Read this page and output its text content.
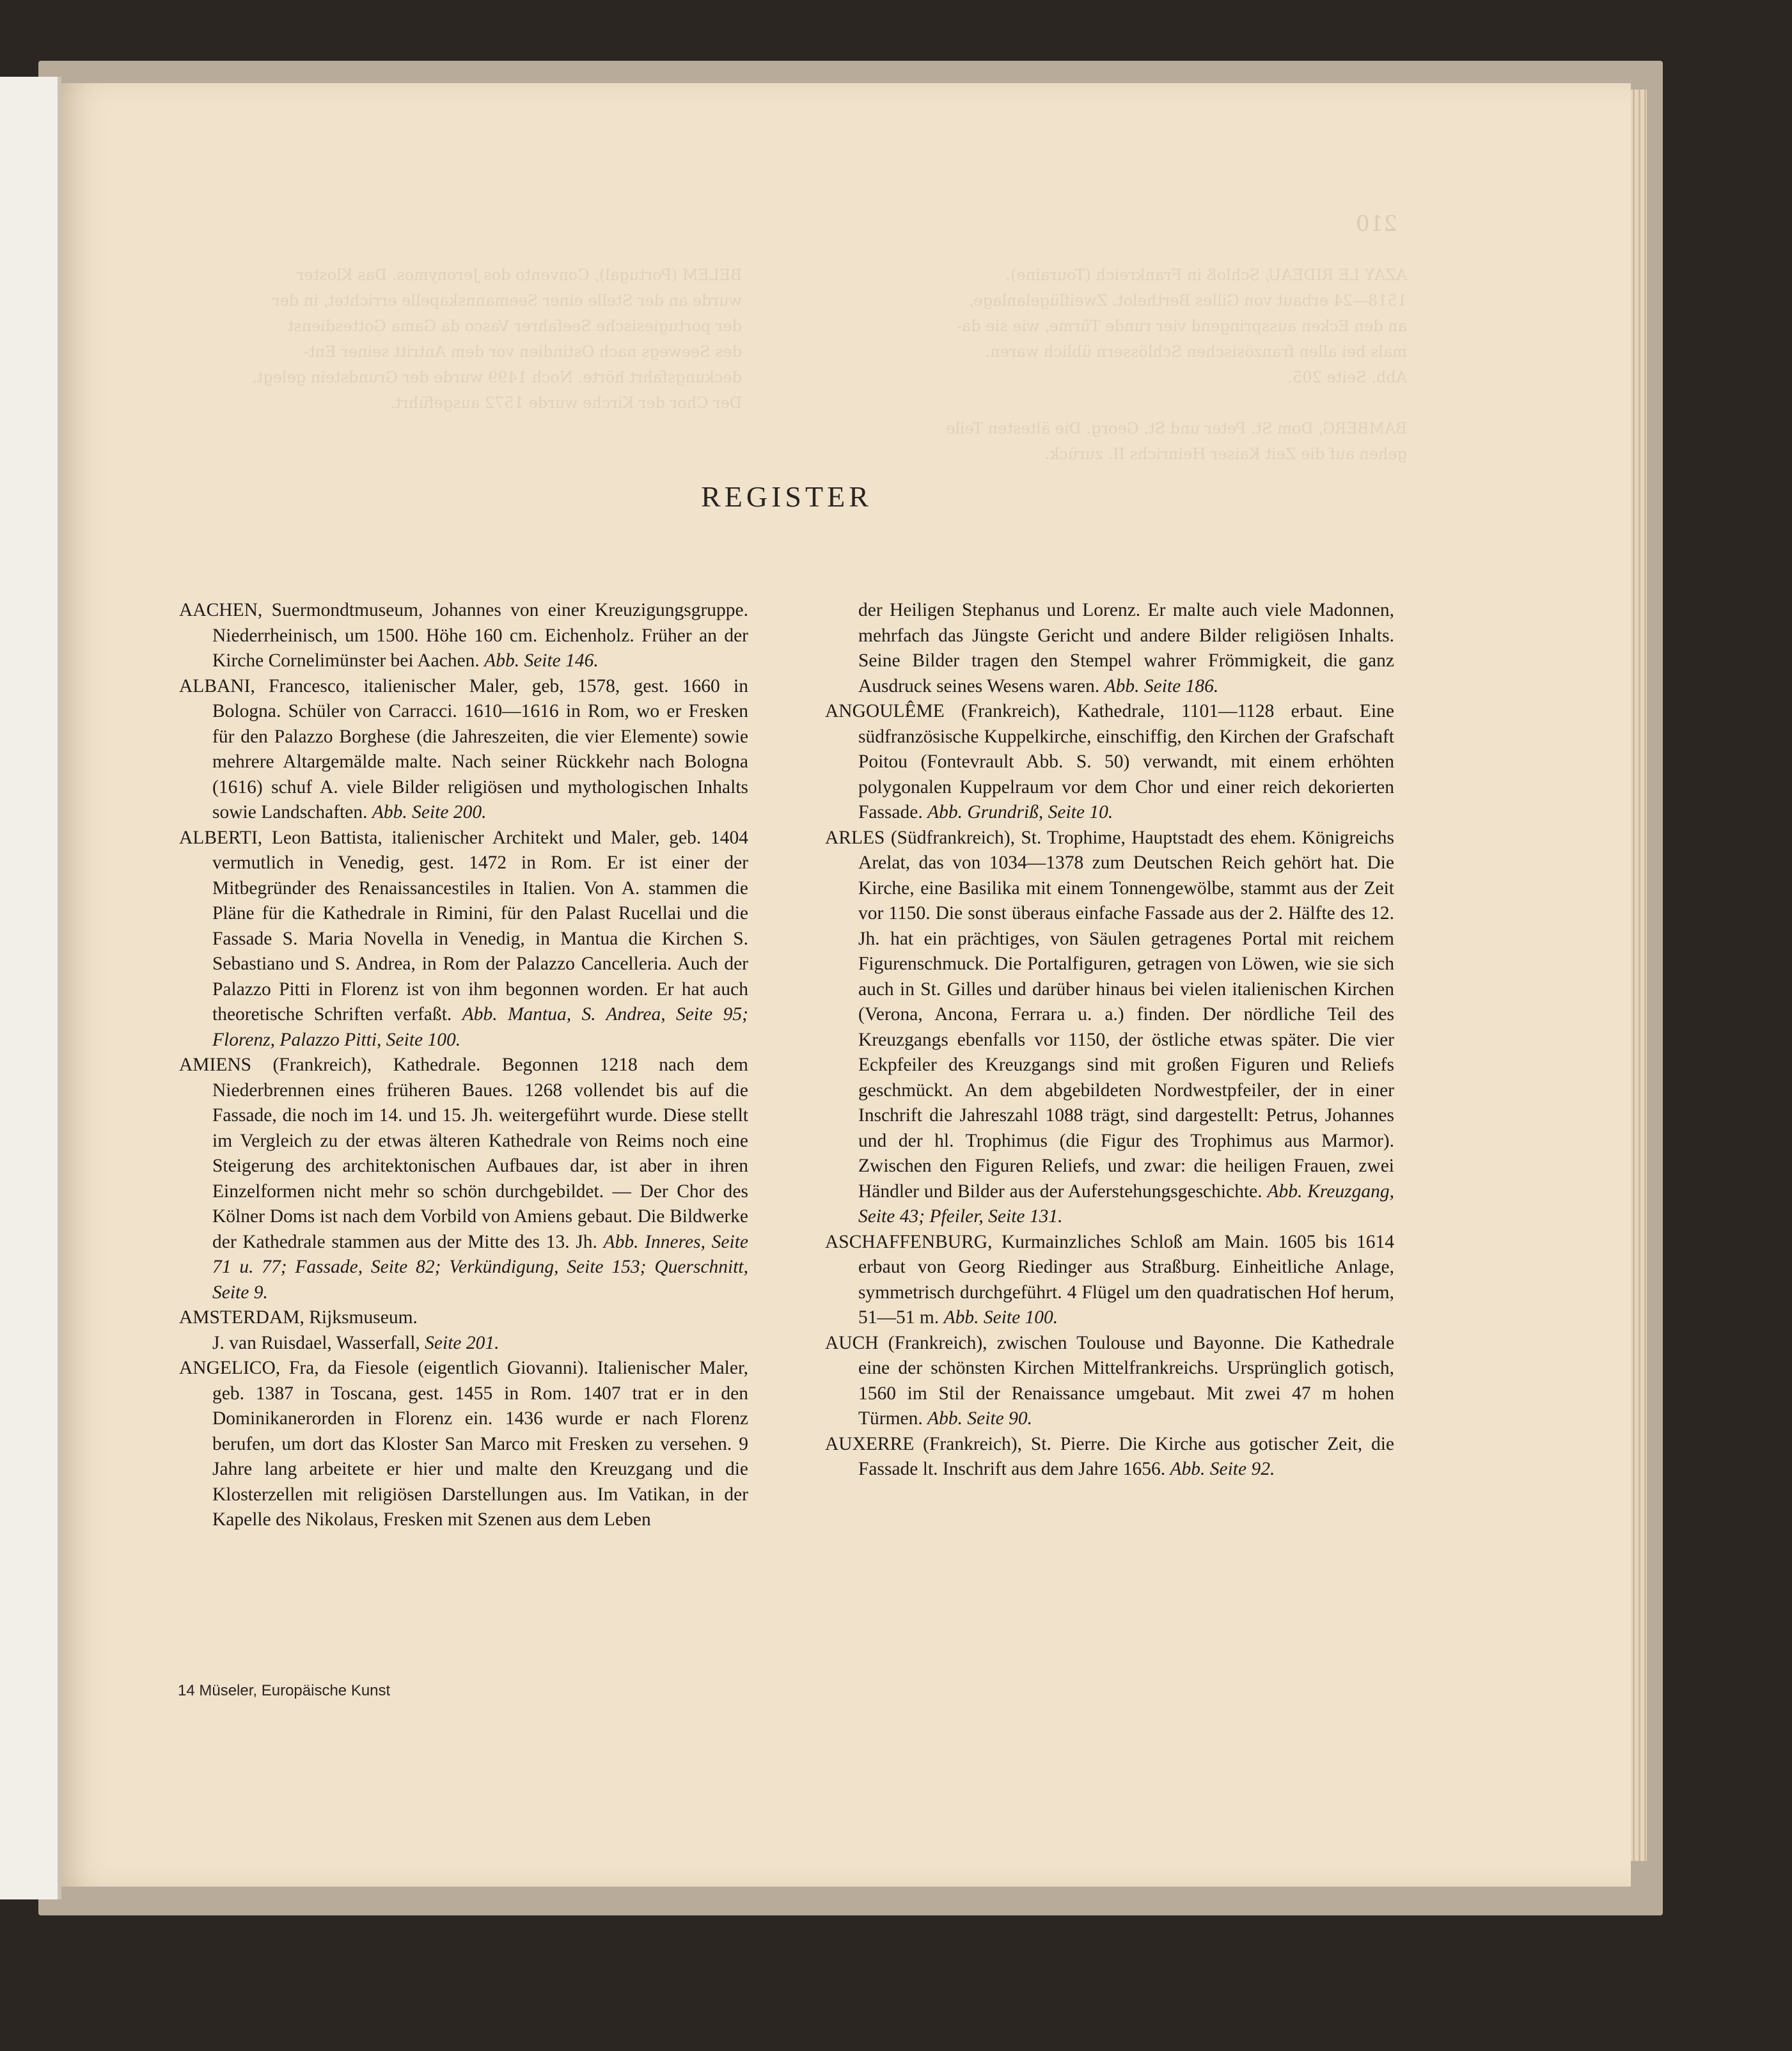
AZAY LE RIDEAU, Schloß in Frankreich (Touraine).
1518—24 erbaut von Gilles Berthelot. Zweiflügelanlage,
an den Ecken ausspringend vier runde Türme, wie sie da-
mals bei allen französischen Schlössern üblich waren.
Abb. Seite 205.

BAMBERG, Dom St. Peter und St. Georg. Die ältesten Teile
gehen auf die Zeit Kaiser Heinrichs II. zurück.
BELEM (Portugal), Convento dos Jeronymos. Das Kloster
wurde an der Stelle einer Seemannskapelle errichtet, in der
der portugiesische Seefahrer Vasco da Gama Gottesdienst
des Seewegs nach Ostindien vor dem Antritt seiner Ent-
deckungsfahrt hörte. Noch 1499 wurde der Grundstein gelegt.
Der Chor der Kirche wurde 1572 ausgeführt.
210
REGISTER

AACHEN, Suermondtmuseum, Johannes von einer Kreuzigungsgruppe. Niederrheinisch, um 1500. Höhe 160 cm. Eichenholz. Früher an der Kirche Cornelimünster bei Aachen. Abb. Seite 146.

ALBANI, Francesco, italienischer Maler, geb, 1578, gest. 1660 in Bologna. Schüler von Carracci. 1610—1616 in Rom, wo er Fresken für den Palazzo Borghese (die Jahreszeiten, die vier Elemente) sowie mehrere Altargemälde malte. Nach seiner Rückkehr nach Bologna (1616) schuf A. viele Bilder religiösen und mythologischen Inhalts sowie Landschaften. Abb. Seite 200.

ALBERTI, Leon Battista, italienischer Architekt und Maler, geb. 1404 vermutlich in Venedig, gest. 1472 in Rom. Er ist einer der Mitbegründer des Renaissancestiles in Italien. Von A. stammen die Pläne für die Kathedrale in Rimini, für den Palast Rucellai und die Fassade S. Maria Novella in Venedig, in Mantua die Kirchen S. Sebastiano und S. Andrea, in Rom der Palazzo Cancelleria. Auch der Palazzo Pitti in Florenz ist von ihm begonnen worden. Er hat auch theoretische Schriften verfaßt. Abb. Mantua, S. Andrea, Seite 95; Florenz, Palazzo Pitti, Seite 100.

AMIENS (Frankreich), Kathedrale. Begonnen 1218 nach dem Niederbrennen eines früheren Baues. 1268 vollendet bis auf die Fassade, die noch im 14. und 15. Jh. weitergeführt wurde. Diese stellt im Vergleich zu der etwas älteren Kathedrale von Reims noch eine Steigerung des architektonischen Aufbaues dar, ist aber in ihren Einzelformen nicht mehr so schön durchgebildet. — Der Chor des Kölner Doms ist nach dem Vorbild von Amiens gebaut. Die Bildwerke der Kathedrale stammen aus der Mitte des 13. Jh. Abb. Inneres, Seite 71 u. 77; Fassade, Seite 82; Verkündigung, Seite 153; Querschnitt, Seite 9.

AMSTERDAM, Rijksmuseum.

J. van Ruisdael, Wasserfall, Seite 201.

ANGELICO, Fra, da Fiesole (eigentlich Giovanni). Italienischer Maler, geb. 1387 in Toscana, gest. 1455 in Rom. 1407 trat er in den Dominikanerorden in Florenz ein. 1436 wurde er nach Florenz berufen, um dort das Kloster San Marco mit Fresken zu versehen. 9 Jahre lang arbeitete er hier und malte den Kreuzgang und die Klosterzellen mit religiösen Darstellungen aus. Im Vatikan, in der Kapelle des Nikolaus, Fresken mit Szenen aus dem Leben

der Heiligen Stephanus und Lorenz. Er malte auch viele Madonnen, mehrfach das Jüngste Gericht und andere Bilder religiösen Inhalts. Seine Bilder tragen den Stempel wahrer Frömmigkeit, die ganz Ausdruck seines Wesens waren. Abb. Seite 186.

ANGOULÊME (Frankreich), Kathedrale, 1101—1128 erbaut. Eine südfranzösische Kuppelkirche, einschiffig, den Kirchen der Grafschaft Poitou (Fontevrault Abb. S. 50) verwandt, mit einem erhöhten polygonalen Kuppelraum vor dem Chor und einer reich dekorierten Fassade. Abb. Grundriß, Seite 10.

ARLES (Südfrankreich), St. Trophime, Hauptstadt des ehem. Königreichs Arelat, das von 1034—1378 zum Deutschen Reich gehört hat. Die Kirche, eine Basilika mit einem Tonnengewölbe, stammt aus der Zeit vor 1150. Die sonst überaus einfache Fassade aus der 2. Hälfte des 12. Jh. hat ein prächtiges, von Säulen getragenes Portal mit reichem Figurenschmuck. Die Portalfiguren, getragen von Löwen, wie sie sich auch in St. Gilles und darüber hinaus bei vielen italienischen Kirchen (Verona, Ancona, Ferrara u. a.) finden. Der nördliche Teil des Kreuzgangs ebenfalls vor 1150, der östliche etwas später. Die vier Eckpfeiler des Kreuzgangs sind mit großen Figuren und Reliefs geschmückt. An dem abgebildeten Nordwestpfeiler, der in einer Inschrift die Jahreszahl 1088 trägt, sind dargestellt: Petrus, Johannes und der hl. Trophimus (die Figur des Trophimus aus Marmor). Zwischen den Figuren Reliefs, und zwar: die heiligen Frauen, zwei Händler und Bilder aus der Auferstehungsgeschichte. Abb. Kreuzgang, Seite 43; Pfeiler, Seite 131.

ASCHAFFENBURG, Kurmainzliches Schloß am Main. 1605 bis 1614 erbaut von Georg Riedinger aus Straßburg. Einheitliche Anlage, symmetrisch durchgeführt. 4 Flügel um den quadratischen Hof herum, 51—51 m. Abb. Seite 100.

AUCH (Frankreich), zwischen Toulouse und Bayonne. Die Kathedrale eine der schönsten Kirchen Mittelfrankreichs. Ursprünglich gotisch, 1560 im Stil der Renaissance umgebaut. Mit zwei 47 m hohen Türmen. Abb. Seite 90.

AUXERRE (Frankreich), St. Pierre. Die Kirche aus gotischer Zeit, die Fassade lt. Inschrift aus dem Jahre 1656. Abb. Seite 92.

14 Müseler, Europäische Kunst
